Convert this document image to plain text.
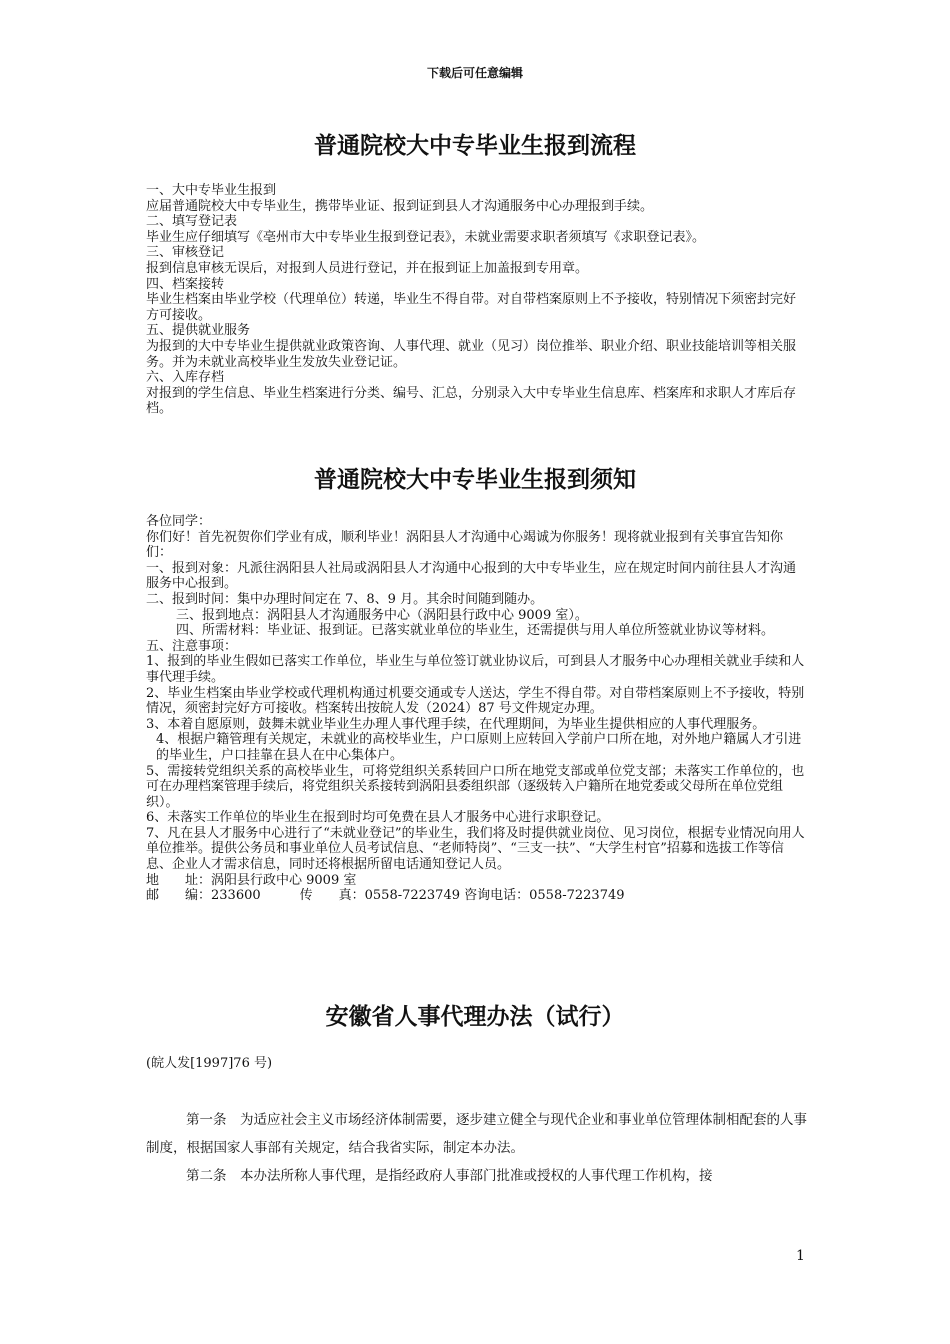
下载后可任意编辑
普通院校大中专毕业生报到流程

一、大中专毕业生报到

应届普通院校大中专毕业生，携带毕业证、报到证到县人才沟通服务中心办理报到手续。

二、填写登记表

毕业生应仔细填写《亳州市大中专毕业生报到登记表》，未就业需要求职者须填写《求职登记表》。

三、审核登记

报到信息审核无误后，对报到人员进行登记，并在报到证上加盖报到专用章。

四、档案接转

毕业生档案由毕业学校（代理单位）转递，毕业生不得自带。对自带档案原则上不予接收，特别情况下须密封完好方可接收。

五、提供就业服务

为报到的大中专毕业生提供就业政策咨询、人事代理、就业（见习）岗位推举、职业介绍、职业技能培训等相关服务。并为未就业高校毕业生发放失业登记证。

六、入库存档

对报到的学生信息、毕业生档案进行分类、编号、汇总，分别录入大中专毕业生信息库、档案库和求职人才库后存档。

普通院校大中专毕业生报到须知

各位同学：

你们好！首先祝贺你们学业有成，顺利毕业！涡阳县人才沟通中心竭诚为你服务！现将就业报到有关事宜告知你们：

一、报到对象：凡派往涡阳县人社局或涡阳县人才沟通中心报到的大中专毕业生，应在规定时间内前往县人才沟通服务中心报到。

二、报到时间：集中办理时间定在 7、8、9 月。其余时间随到随办。

三、报到地点：涡阳县人才沟通服务中心（涡阳县行政中心 9009 室）。

四、所需材料：毕业证、报到证。已落实就业单位的毕业生，还需提供与用人单位所签就业协议等材料。

五、注意事项：

1、报到的毕业生假如已落实工作单位，毕业生与单位签订就业协议后，可到县人才服务中心办理相关就业手续和人事代理手续。

2、毕业生档案由毕业学校或代理机构通过机要交通或专人送达，学生不得自带。对自带档案原则上不予接收，特别情况，须密封完好方可接收。档案转出按皖人发（2024）87 号文件规定办理。

3、本着自愿原则，鼓舞未就业毕业生办理人事代理手续，在代理期间，为毕业生提供相应的人事代理服务。

4、根据户籍管理有关规定，未就业的高校毕业生，户口原则上应转回入学前户口所在地，对外地户籍属人才引进的毕业生，户口挂靠在县人在中心集体户。

5、需接转党组织关系的高校毕业生，可将党组织关系转回户口所在地党支部或单位党支部；未落实工作单位的，也可在办理档案管理手续后，将党组织关系接转到涡阳县委组织部（逐级转入户籍所在地党委或父母所在单位党组织）。

6、未落实工作单位的毕业生在报到时均可免费在县人才服务中心进行求职登记。

7、凡在县人才服务中心进行了“未就业登记”的毕业生，我们将及时提供就业岗位、见习岗位，根据专业情况向用人单位推举。提供公务员和事业单位人员考试信息、“老师特岗”、“三支一扶”、“大学生村官”招募和选拔工作等信息、企业人才需求信息，同时还将根据所留电话通知登记人员。

地　　址：涡阳县行政中心 9009 室

邮　　编：233600　　　传　　真：0558-7223749 咨询电话：0558-7223749

安徽省人事代理办法（试行）
(皖人发[1997]76 号)

第一条　为适应社会主义市场经济体制需要，逐步建立健全与现代企业和事业单位管理体制相配套的人事制度，根据国家人事部有关规定，结合我省实际，制定本办法。

第二条　本办法所称人事代理，是指经政府人事部门批准或授权的人事代理工作机构，接

1
